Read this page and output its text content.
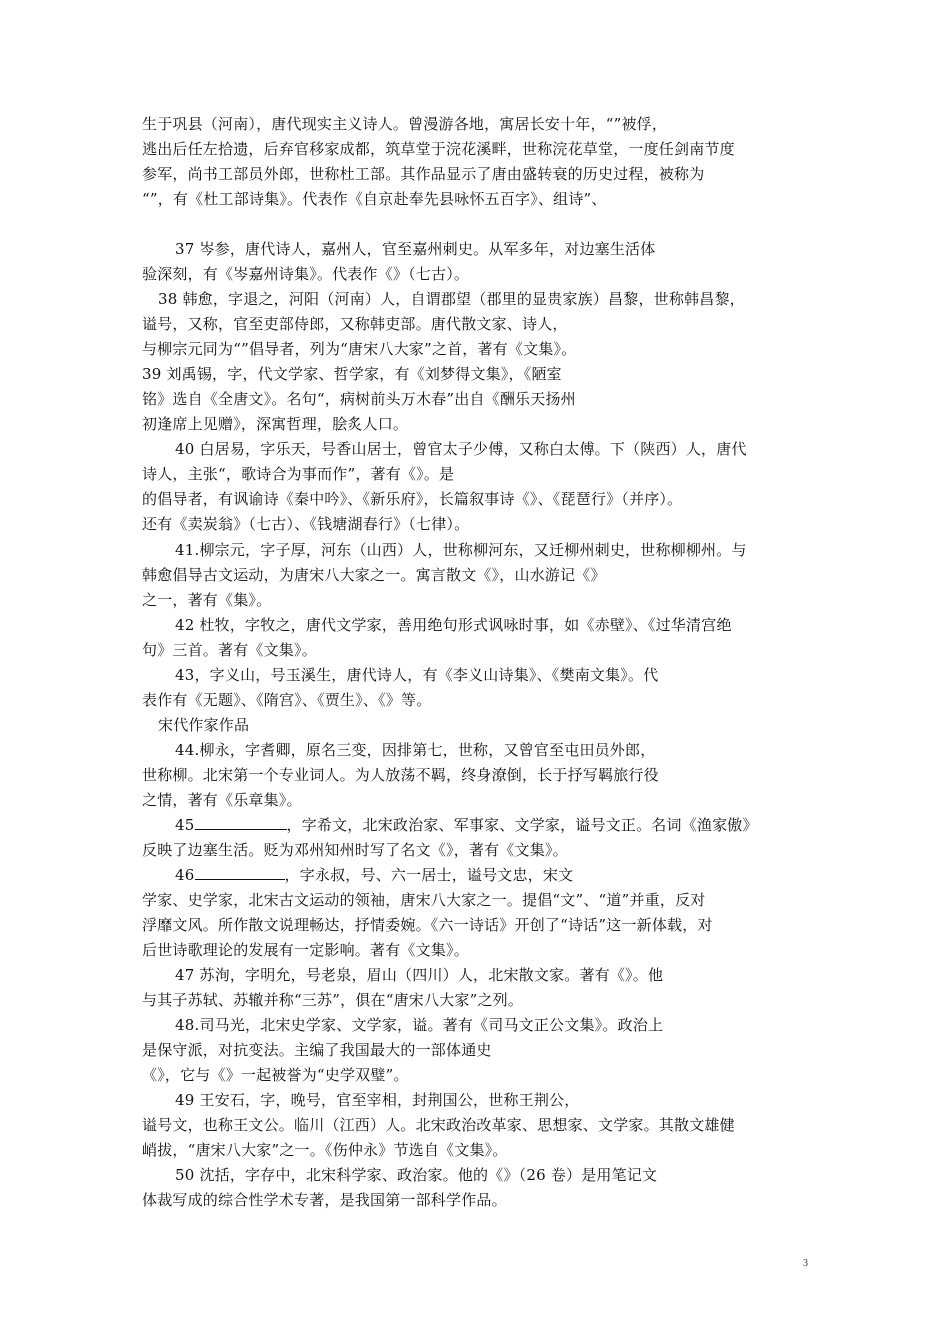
生于巩县（河南），唐代现实主义诗人。曾漫游各地，寓居长安十年，“”被俘，
逃出后任左拾遗，后弃官移家成都，筑草堂于浣花溪畔，世称浣花草堂，一度任剑南节度
参军，尚书工部员外郎，世称杜工部。其作品显示了唐由盛转衰的历史过程，被称为
“”，有《杜工部诗集》。代表作《自京赴奉先县咏怀五百字》、组诗”、
37 岑参，唐代诗人，嘉州人，官至嘉州刺史。从军多年，对边塞生活体
验深刻，有《岑嘉州诗集》。代表作《》（七古）。
38 韩愈，字退之，河阳（河南）人，自谓郡望（郡里的显贵家族）昌黎，世称韩昌黎，
谥号，又称，官至吏部侍郎，又称韩吏部。唐代散文家、诗人，
与柳宗元同为“”倡导者，列为“唐宋八大家”之首，著有《文集》。
39 刘禹锡，字，代文学家、哲学家，有《刘梦得文集》，《陋室
铭》选自《全唐文》。名句“，病树前头万木春”出自《酬乐天扬州
初逢席上见赠》，深寓哲理，脍炙人口。
40 白居易，字乐天，号香山居士，曾官太子少傅，又称白太傅。下（陕西）人，唐代
诗人，主张“，歌诗合为事而作”，著有《》。是
的倡导者，有讽谕诗《秦中吟》、《新乐府》，长篇叙事诗《》、《琵琶行》（并序）。
还有《卖炭翁》（七古）、《钱塘湖春行》（七律）。
41.柳宗元，字子厚，河东（山西）人，世称柳河东，又迁柳州刺史，世称柳柳州。与
韩愈倡导古文运动，为唐宋八大家之一。寓言散文《》，山水游记《》
之一，著有《集》。
42 杜牧，字牧之，唐代文学家，善用绝句形式讽咏时事，如《赤壁》、《过华清宫绝
句》三首。著有《文集》。
43，字义山，号玉溪生，唐代诗人，有《李义山诗集》、《樊南文集》。代
表作有《无题》、《隋宫》、《贾生》、《》等。
宋代作家作品
44.柳永，字耆卿，原名三变，因排第七，世称，又曾官至屯田员外郎，
世称柳。北宋第一个专业词人。为人放荡不羁，终身潦倒，长于抒写羁旅行役
之情，著有《乐章集》。
45	，字希文，北宋政治家、军事家、文学家，谥号文正。名词《渔家傲》
反映了边塞生活。贬为邓州知州时写了名文《》，著有《文集》。
46	，字永叔，号、六一居士，谥号文忠，宋文
学家、史学家，北宋古文运动的领袖，唐宋八大家之一。提倡“文”、“道”并重，反对
浮靡文风。所作散文说理畅达，抒情委婉。《六一诗话》开创了“诗话”这一新体载，对
后世诗歌理论的发展有一定影响。著有《文集》。
47 苏洵，字明允，号老泉，眉山（四川）人，北宋散文家。著有《》。他
与其子苏轼、苏辙并称“三苏”，俱在“唐宋八大家”之列。
48.司马光，北宋史学家、文学家，谥。著有《司马文正公文集》。政治上
是保守派，对抗变法。主编了我国最大的一部体通史
《》，它与《》一起被誉为“史学双璧”。
49 王安石，字，晚号，官至宰相，封荆国公，世称王荆公，
谥号文，也称王文公。临川（江西）人。北宋政治改革家、思想家、文学家。其散文雄健
峭拔，“唐宋八大家”之一。《伤仲永》节选自《文集》。
50 沈括，字存中，北宋科学家、政治家。他的《》（26 卷）是用笔记文
体裁写成的综合性学术专著，是我国第一部科学作品。
3
